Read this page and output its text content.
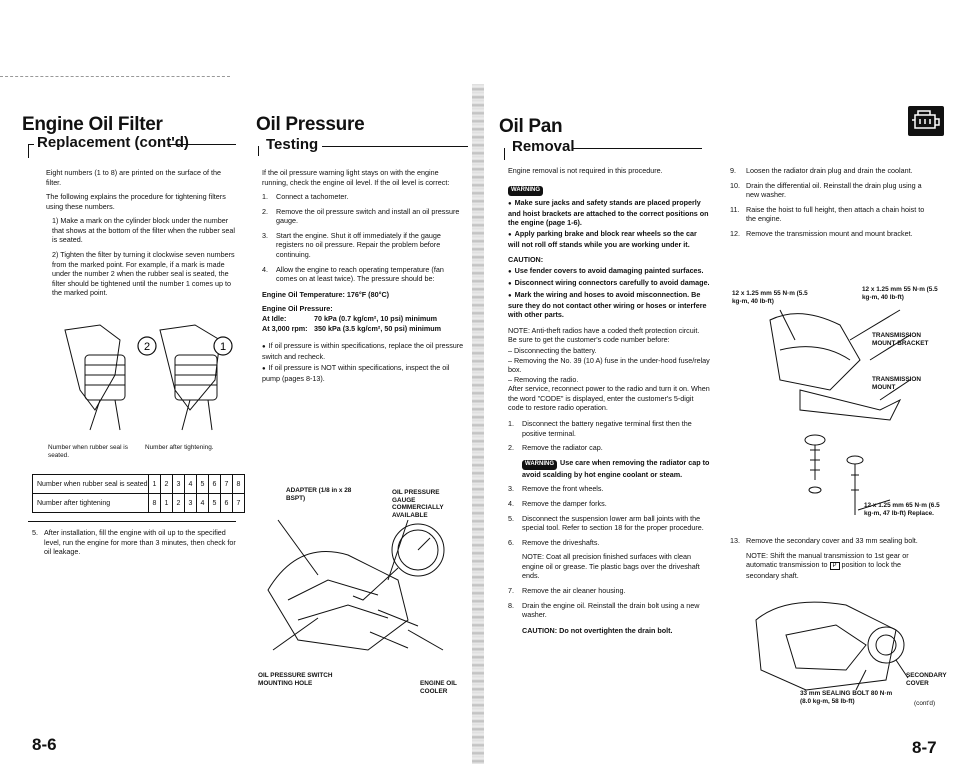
Engine Oil Filter
Replacement (cont'd)

Eight numbers (1 to 8) are printed on the surface of the filter.

The following explains the procedure for tightening filters using these numbers.

1) Make a mark on the cylinder block under the number that shows at the bottom of the filter when the rubber seal is seated.

2) Tighten the filter by turning it clockwise seven numbers from the marked point. For example, if a mark is made under the number 2 when the rubber seal is seated, the filter should be tightened until the number 1 comes up to the marked point.

2	1
Number when rubber seal is seated.
Number after tightening.
Number when rubber seal is seated	1	2	3	4	5	6	7	8
Number after tightening	8	1	2	3	4	5	6	7
5. After installation, fill the engine with oil up to the specified level, run the engine for more than 3 minutes, then check for oil leakage.
8-6
Oil Pressure
Testing

If the oil pressure warning light stays on with the engine running, check the engine oil level. If the oil level is correct:

1.	Connect a tachometer.
2.	Remove the oil pressure switch and install an oil pressure gauge.
3.	Start the engine. Shut it off immediately if the gauge registers no oil pressure. Repair the problem before continuing.
4.	Allow the engine to reach operating temperature (fan comes on at least twice). The pressure should be:

Engine Oil Temperature: 176°F (80°C)

Engine Oil Pressure:

At Idle:	70 kPa (0.7 kg/cm², 10 psi) minimum
At 3,000 rpm: 350 kPa (3.5 kg/cm², 50 psi) minimum
● If oil pressure is within specifications, replace the oil pressure switch and recheck.
● If oil pressure is NOT within specifications, inspect the oil pump (pages 8-13).
ADAPTER (1/8 in x 28 BSPT)
OIL PRESSURE GAUGE COMMERCIALLY AVAILABLE
OIL PRESSURE SWITCH MOUNTING HOLE	ENGINE OIL COOLER
Oil Pan
Removal

Engine removal is not required in this procedure.

WARNING
● Make sure jacks and safety stands are placed properly and hoist brackets are attached to the correct positions on the engine (page 1-6).
● Apply parking brake and block rear wheels so the car will not roll off stands while you are working under it.

CAUTION:

● Use fender covers to avoid damaging painted surfaces.
● Disconnect wiring connectors carefully to avoid damage.
● Mark the wiring and hoses to avoid misconnection. Be sure they do not contact other wiring or hoses or interfere with other parts.

NOTE: Anti-theft radios have a coded theft protection circuit. Be sure to get the customer's code number before:

– Disconnecting the battery.
– Removing the No. 39 (10 A) fuse in the under-hood fuse/relay box.
– Removing the radio.

After service, reconnect power to the radio and turn it on. When the word "CODE" is displayed, enter the customer's 5-digit code to restore radio operation.

1.	Disconnect the battery negative terminal first then the positive terminal.
2.	Remove the radiator cap.

WARNING Use care when removing the radiator cap to avoid scalding by hot engine coolant or steam.

3.	Remove the front wheels.
4.	Remove the damper forks.
5.	Disconnect the suspension lower arm ball joints with the special tool. Refer to section 18 for the proper procedure.
6.	Remove the driveshafts.

NOTE: Coat all precision finished surfaces with clean engine oil or grease. Tie plastic bags over the driveshaft ends.

7.	Remove the air cleaner housing.
8.	Drain the engine oil. Reinstall the drain bolt using a new washer.

CAUTION: Do not overtighten the drain bolt.

9.	Loosen the radiator drain plug and drain the coolant.
10. Drain the differential oil. Reinstall the drain plug using a new washer.
11. Raise the hoist to full height, then attach a chain hoist to the engine.
12. Remove the transmission mount and mount bracket.
12 x 1.25 mm 55 N·m (5.5 kg-m, 40 lb-ft)
12 x 1.25 mm 55 N·m (5.5 kg-m, 40 lb-ft)
TRANSMISSION MOUNT BRACKET
TRANSMISSION MOUNT
12 x 1.25 mm 65 N·m (6.5 kg-m, 47 lb-ft) Replace.
13. Remove the secondary cover and 33 mm sealing bolt.

NOTE: Shift the manual transmission to 1st gear or automatic transmission to P position to lock the secondary shaft.

SECONDARY COVER
33 mm SEALING BOLT 80 N·m (8.0 kg-m, 58 lb-ft)	(cont'd)
8-7
